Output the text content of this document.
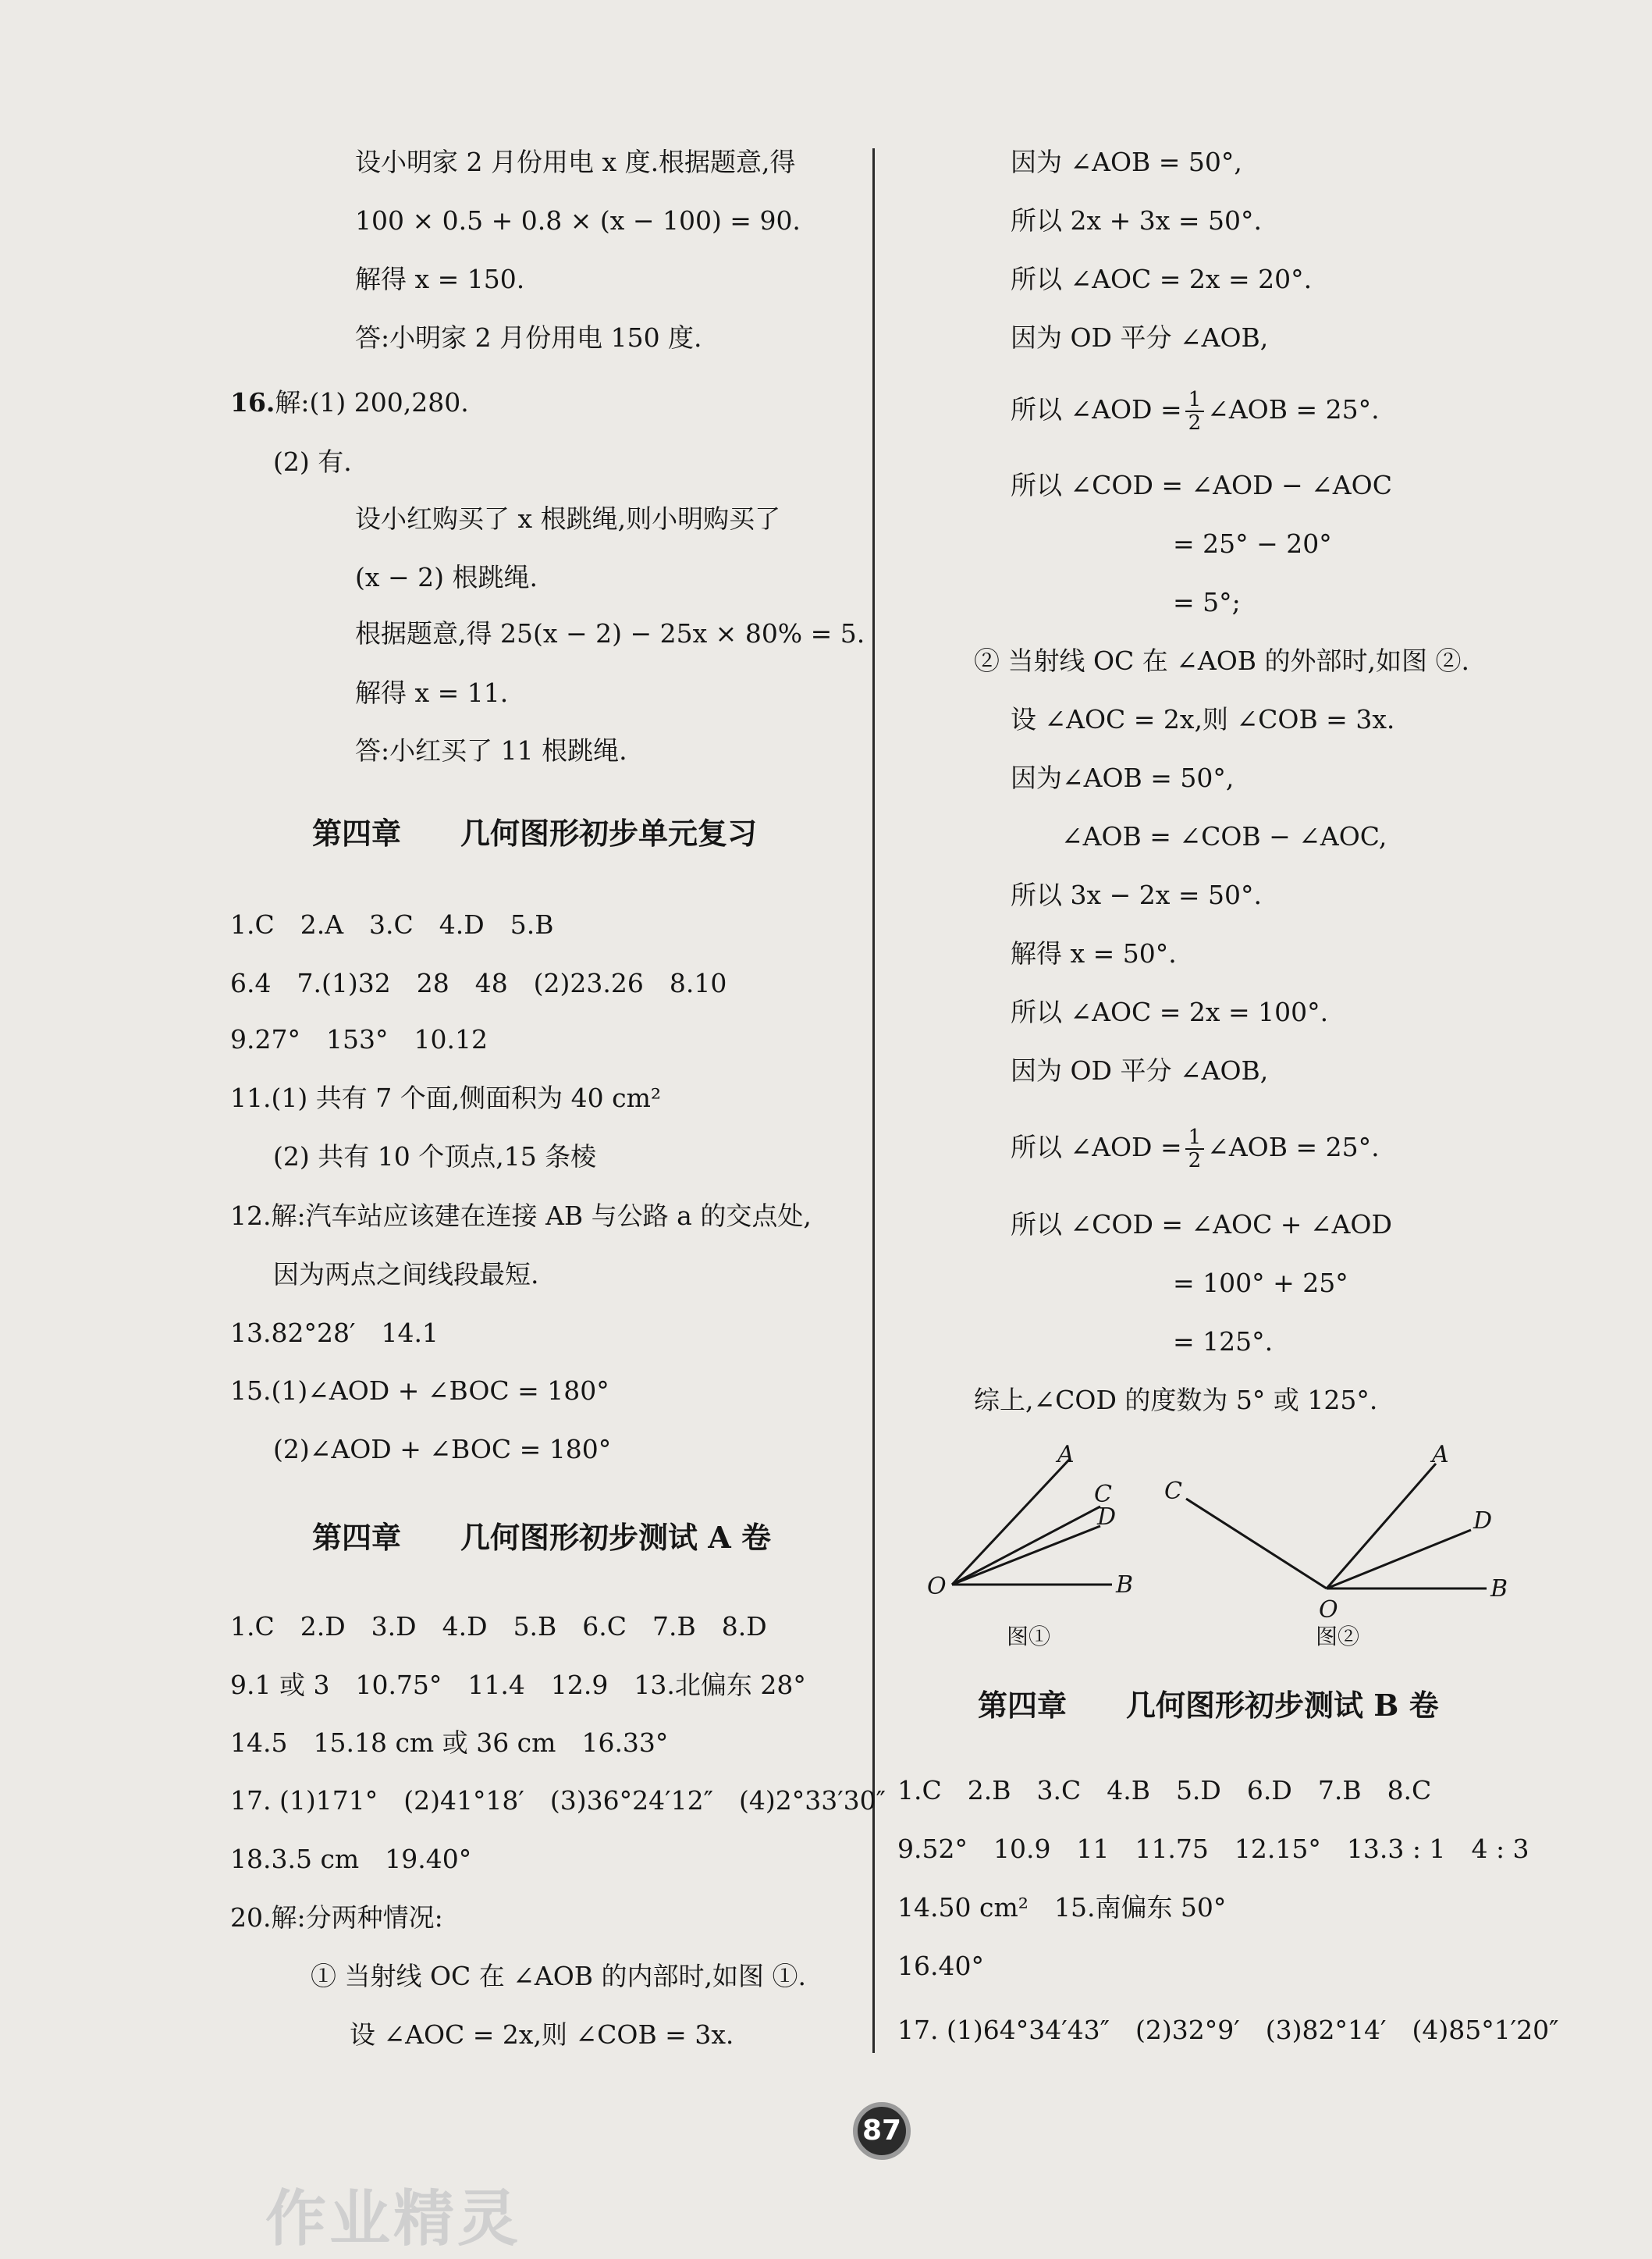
设小明家 2 月份用电 x 度.根据题意,得
100 × 0.5 + 0.8 × (x − 100) = 90.
解得 x = 150.
答:小明家 2 月份用电 150 度.
16.解:(1) 200,280.
(2) 有.
设小红购买了 x 根跳绳,则小明购买了
(x − 2) 根跳绳.
根据题意,得 25(x − 2) − 25x × 80% = 5.
解得 x = 11.
答:小红买了 11 根跳绳.
第四章　　几何图形初步单元复习
1.C　2.A　3.C　4.D　5.B
6.4　7.(1)32　28　48　(2)23.26　8.10
9.27°　153°　10.12
11.(1) 共有 7 个面,侧面积为 40 cm²
(2) 共有 10 个顶点,15 条棱
12.解:汽车站应该建在连接 AB 与公路 a 的交点处,
因为两点之间线段最短.
13.82°28′　14.1
15.(1)∠AOD + ∠BOC = 180°
(2)∠AOD + ∠BOC = 180°
第四章　　几何图形初步测试 A 卷
1.C　2.D　3.D　4.D　5.B　6.C　7.B　8.D
9.1 或 3　10.75°　11.4　12.9　13.北偏东 28°
14.5　15.18 cm 或 36 cm　16.33°
17. (1)171°　(2)41°18′　(3)36°24′12″　(4)2°33′30″
18.3.5 cm　19.40°
20.解:分两种情况:
① 当射线 OC 在 ∠AOB 的内部时,如图 ①.
设 ∠AOC = 2x,则 ∠COB = 3x.
因为 ∠AOB = 50°,
所以 2x + 3x = 50°.
所以 ∠AOC = 2x = 20°.
因为 OD 平分 ∠AOB,
所以 ∠AOD = $\frac{1}{2}$ ∠AOB = 25°.
所以 ∠COD = ∠AOD − ∠AOC
= 25° − 20°
= 5°;
② 当射线 OC 在 ∠AOB 的外部时,如图 ②.
设 ∠AOC = 2x,则 ∠COB = 3x.
因为∠AOB = 50°,
∠AOB = ∠COB − ∠AOC,
所以 3x − 2x = 50°.
解得 x = 50°.
所以 ∠AOC = 2x = 100°.
因为 OD 平分 ∠AOB,
所以 ∠AOD = $\frac{1}{2}$ ∠AOB = 25°.
所以 ∠COD = ∠AOC + ∠AOD
= 100° + 25°
= 125°.
综上,∠COD 的度数为 5° 或 125°.
O
A
C
D
B
O
C
A
D
B
图①	图②
第四章　　几何图形初步测试 B 卷
1.C　2.B　3.C　4.B　5.D　6.D　7.B　8.C
9.52°　10.9　11　11.75　12.15°　13.3 : 1　4 : 3
14.50 cm²　15.南偏东 50°
16.40°
17. (1)64°34′43″　(2)32°9′　(3)82°14′　(4)85°1′20″
87
作业精灵
